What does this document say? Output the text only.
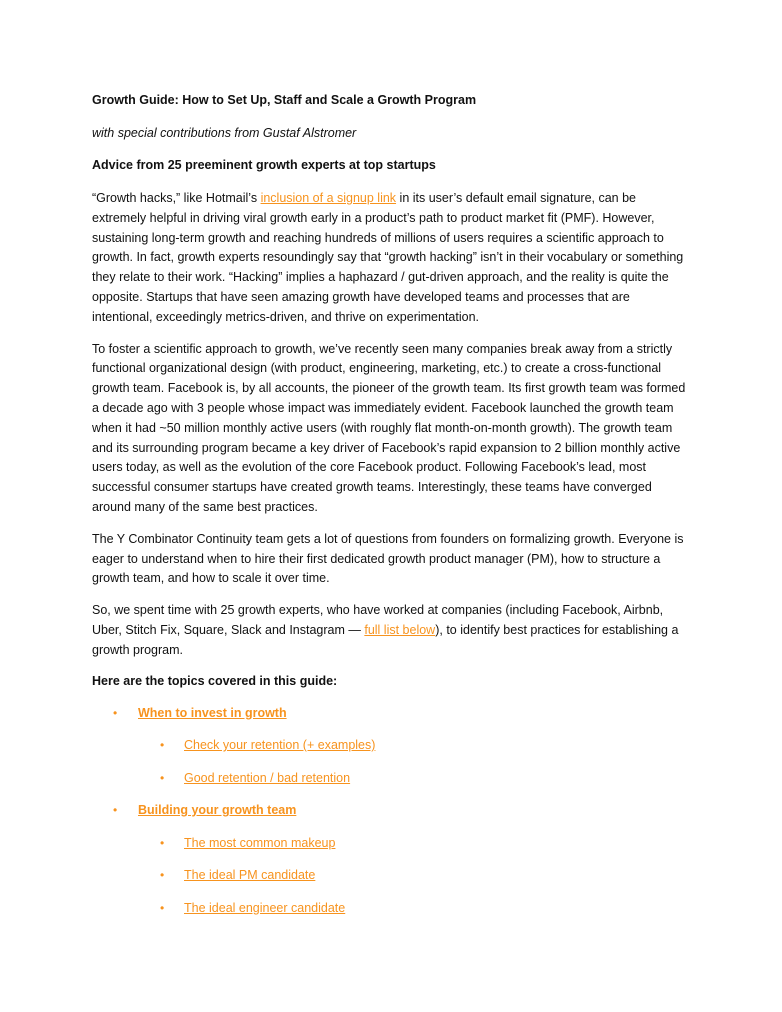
Growth Guide: How to Set Up, Staff and Scale a Growth Program

with special contributions from Gustaf Alstromer

Advice from 25 preeminent growth experts at top startups

“Growth hacks,” like Hotmail’s inclusion of a signup link in its user’s default email signature, can be extremely helpful in driving viral growth early in a product’s path to product market fit (PMF). However, sustaining long-term growth and reaching hundreds of millions of users requires a scientific approach to growth. In fact, growth experts resoundingly say that “growth hacking” isn’t in their vocabulary or something they relate to their work. “Hacking” implies a haphazard / gut-driven approach, and the reality is quite the opposite. Startups that have seen amazing growth have developed teams and processes that are intentional, exceedingly metrics-driven, and thrive on experimentation.

To foster a scientific approach to growth, we’ve recently seen many companies break away from a strictly functional organizational design (with product, engineering, marketing, etc.) to create a cross-functional growth team. Facebook is, by all accounts, the pioneer of the growth team. Its first growth team was formed a decade ago with 3 people whose impact was immediately evident. Facebook launched the growth team when it had ~50 million monthly active users (with roughly flat month-on-month growth). The growth team and its surrounding program became a key driver of Facebook’s rapid expansion to 2 billion monthly active users today, as well as the evolution of the core Facebook product. Following Facebook’s lead, most successful consumer startups have created growth teams. Interestingly, these teams have converged around many of the same best practices.

The Y Combinator Continuity team gets a lot of questions from founders on formalizing growth. Everyone is eager to understand when to hire their first dedicated growth product manager (PM), how to structure a growth team, and how to scale it over time.

So, we spent time with 25 growth experts, who have worked at companies (including Facebook, Airbnb, Uber, Stitch Fix, Square, Slack and Instagram — full list below), to identify best practices for establishing a growth program.

Here are the topics covered in this guide:

• When to invest in growth
• Check your retention (+ examples)
• Good retention / bad retention
• Building your growth team
• The most common makeup
• The ideal PM candidate
• The ideal engineer candidate
